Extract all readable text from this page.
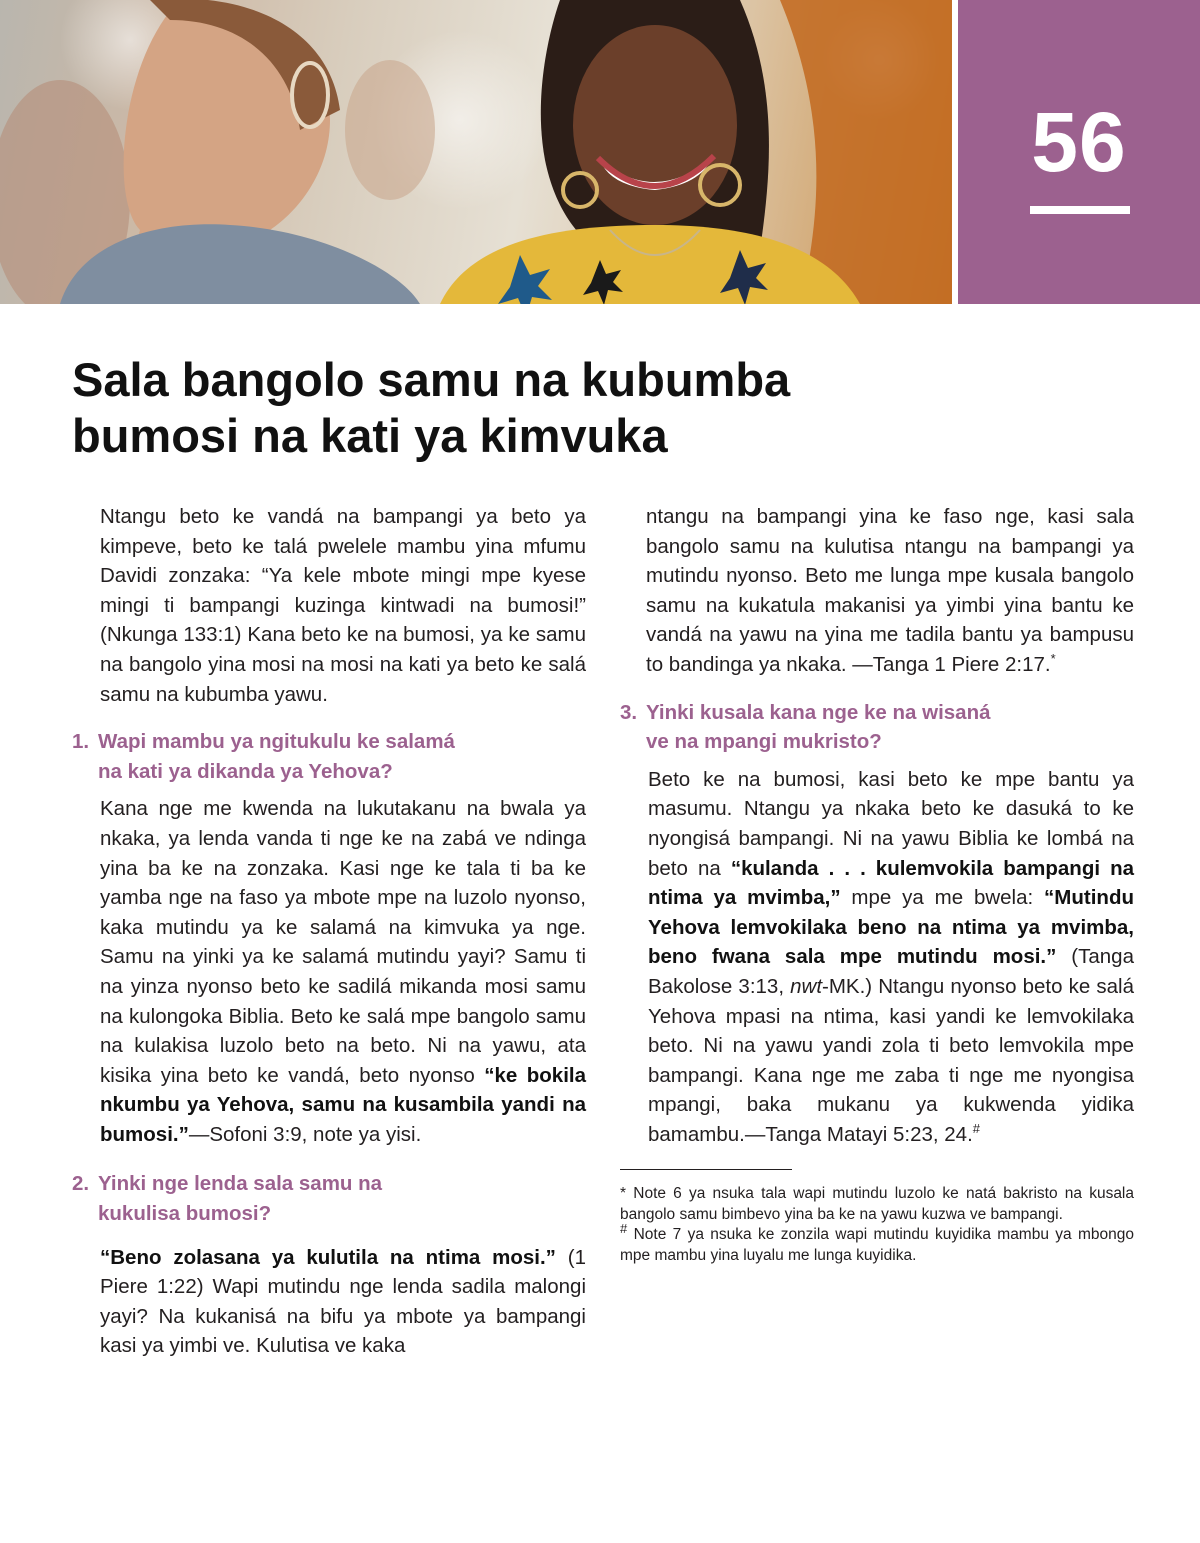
56
Sala bangolo samu na kubumba
bumosi na kati ya kimvuka

Ntangu beto ke vandá na bampangi ya beto ya kimpeve, beto ke talá pwelele mambu yina mfumu Davidi zonzaka: “Ya kele mbote mingi mpe kyese mingi ti bampangi kuzinga kintwadi na bumosi!” (Nkunga 133:1) Kana beto ke na bumosi, ya ke samu na bangolo yina mosi na mosi na kati ya beto ke salá samu na kubumba yawu.

1. Wapi mambu ya ngitukulu ke salamá
na kati ya dikanda ya Yehova?

Kana nge me kwenda na lukutakanu na bwala ya nkaka, ya lenda vanda ti nge ke na zabá ve ndinga yina ba ke na zonzaka. Kasi nge ke tala ti ba ke yamba nge na faso ya mbote mpe na luzolo nyonso, kaka mutindu ya ke salamá na kimvuka ya nge. Samu na yinki ya ke salamá mutindu yayi? Samu ti na yinza nyonso beto ke sadilá mikanda mosi samu na kulongoka Biblia. Beto ke salá mpe bangolo samu na kulakisa luzolo beto na beto. Ni na yawu, ata kisika yina beto ke vandá, beto nyonso “ke bokila nkumbu ya Yehova, samu na kusambila yandi na bumosi.”—Sofoni 3:9, note ya yisi.

2. Yinki nge lenda sala samu na
kukulisa bumosi?

“Beno zolasana ya kulutila na ntima mosi.” (1 Piere 1:22) Wapi mutindu nge lenda sadila malongi yayi? Na kukanisá na bifu ya mbote ya bampangi kasi ya yimbi ve. Kulutisa ve kaka

ntangu na bampangi yina ke faso nge, kasi sala bangolo samu na kulutisa ntangu na bampangi ya mutindu nyonso. Beto me lunga mpe kusala bangolo samu na kukatula makanisi ya yimbi yina bantu ke vandá na yawu na yina me tadila bantu ya bampusu to bandinga ya nkaka. —Tanga 1 Piere 2:17.*

3. Yinki kusala kana nge ke na wisaná
ve na mpangi mukristo?

Beto ke na bumosi, kasi beto ke mpe bantu ya masumu. Ntangu ya nkaka beto ke dasuká to ke nyongisá bampangi. Ni na yawu Biblia ke lombá na beto na “kulanda . . . kulemvokila bampangi na ntima ya mvimba,” mpe ya me bwela: “Mutindu Yehova lemvokilaka beno na ntima ya mvimba, beno fwana sala mpe mutindu mosi.” (Tanga Bakolose 3:13, nwt-MK.) Ntangu nyonso beto ke salá Yehova mpasi na ntima, kasi yandi ke lemvokilaka beto. Ni na yawu yandi zola ti beto lemvokila mpe bampangi. Kana nge me zaba ti nge me nyongisa mpangi, baka mukanu ya kukwenda yidika bamambu.—Tanga Matayi 5:23, 24.#

* Note 6 ya nsuka tala wapi mutindu luzolo ke natá bakristo na kusala bangolo samu bimbevo yina ba ke na yawu kuzwa ve bampangi.

# Note 7 ya nsuka ke zonzila wapi mutindu kuyidika mambu ya mbongo mpe mambu yina luyalu me lunga kuyidika.
